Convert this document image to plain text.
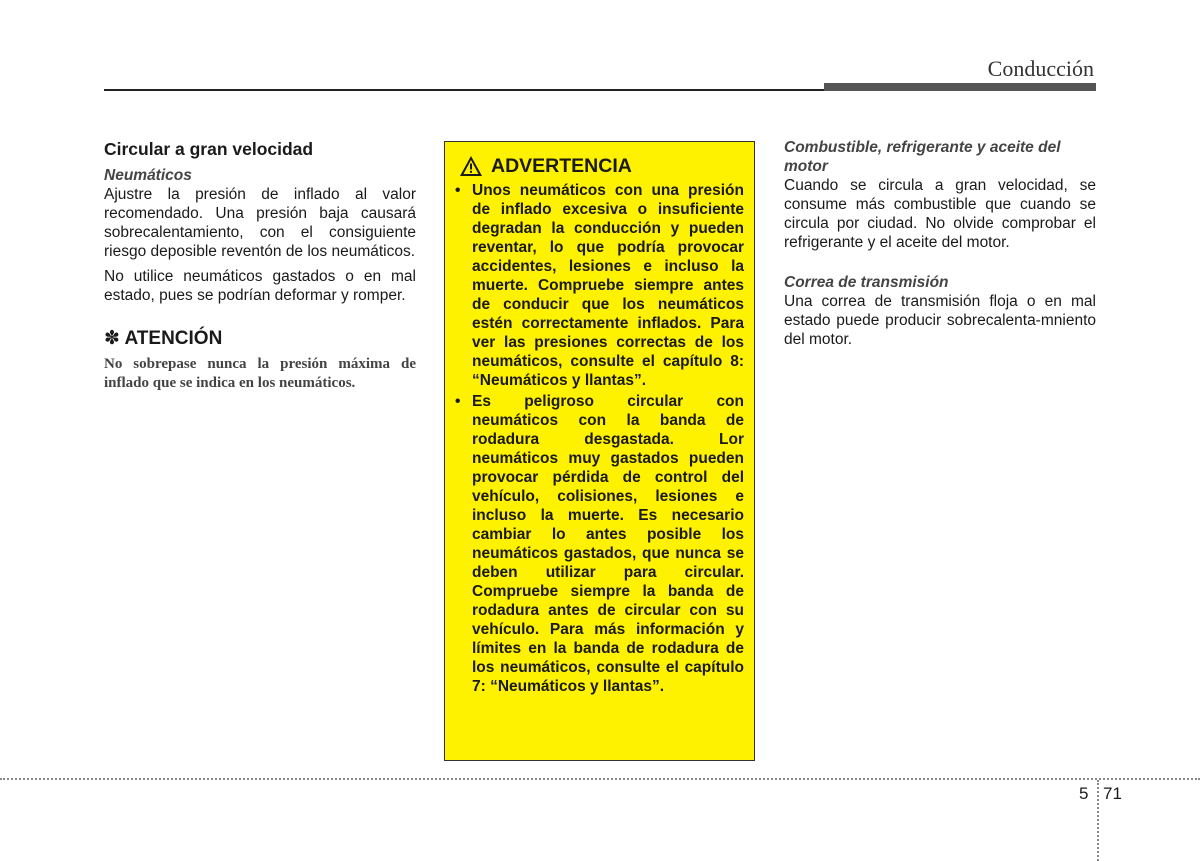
Conducción
Circular a gran velocidad
Neumáticos

Ajustre la presión de inflado al valor recomendado. Una presión baja causará sobrecalentamiento, con el consiguiente riesgo deposible reventón de los neumáticos.

No utilice neumáticos gastados o en mal estado, pues se podrían deformar y romper.

✽ ATENCIÓN

No sobrepase nunca la presión máxima de inflado que se indica en los neumáticos.

ADVERTENCIA
• Unos neumáticos con una presión de inflado excesiva o insuficiente degradan la conducción y pueden reventar, lo que podría provocar accidentes, lesiones e incluso la muerte. Compruebe siempre antes de conducir que los neumáticos estén correctamente inflados. Para ver las presiones correctas de los neumáticos, consulte el capítulo 8: “Neumáticos y llantas”.
• Es peligroso circular con neumáticos con la banda de rodadura desgastada. Lor neumáticos muy gastados pueden provocar pérdida de control del vehículo, colisiones, lesiones e incluso la muerte. Es necesario cambiar lo antes posible los neumáticos gastados, que nunca se deben utilizar para circular. Compruebe siempre la banda de rodadura antes de circular con su vehículo. Para más información y límites en la banda de rodadura de los neumáticos, consulte el capítulo 7: “Neumáticos y llantas”.
Combustible, refrigerante y aceite del motor

Cuando se circula a gran velocidad, se consume más combustible que cuando se circula por ciudad. No olvide comprobar el refrigerante y el aceite del motor.

Correa de transmisión

Una correa de transmisión floja o en mal estado puede producir sobrecalenta-mniento del motor.

5 71
